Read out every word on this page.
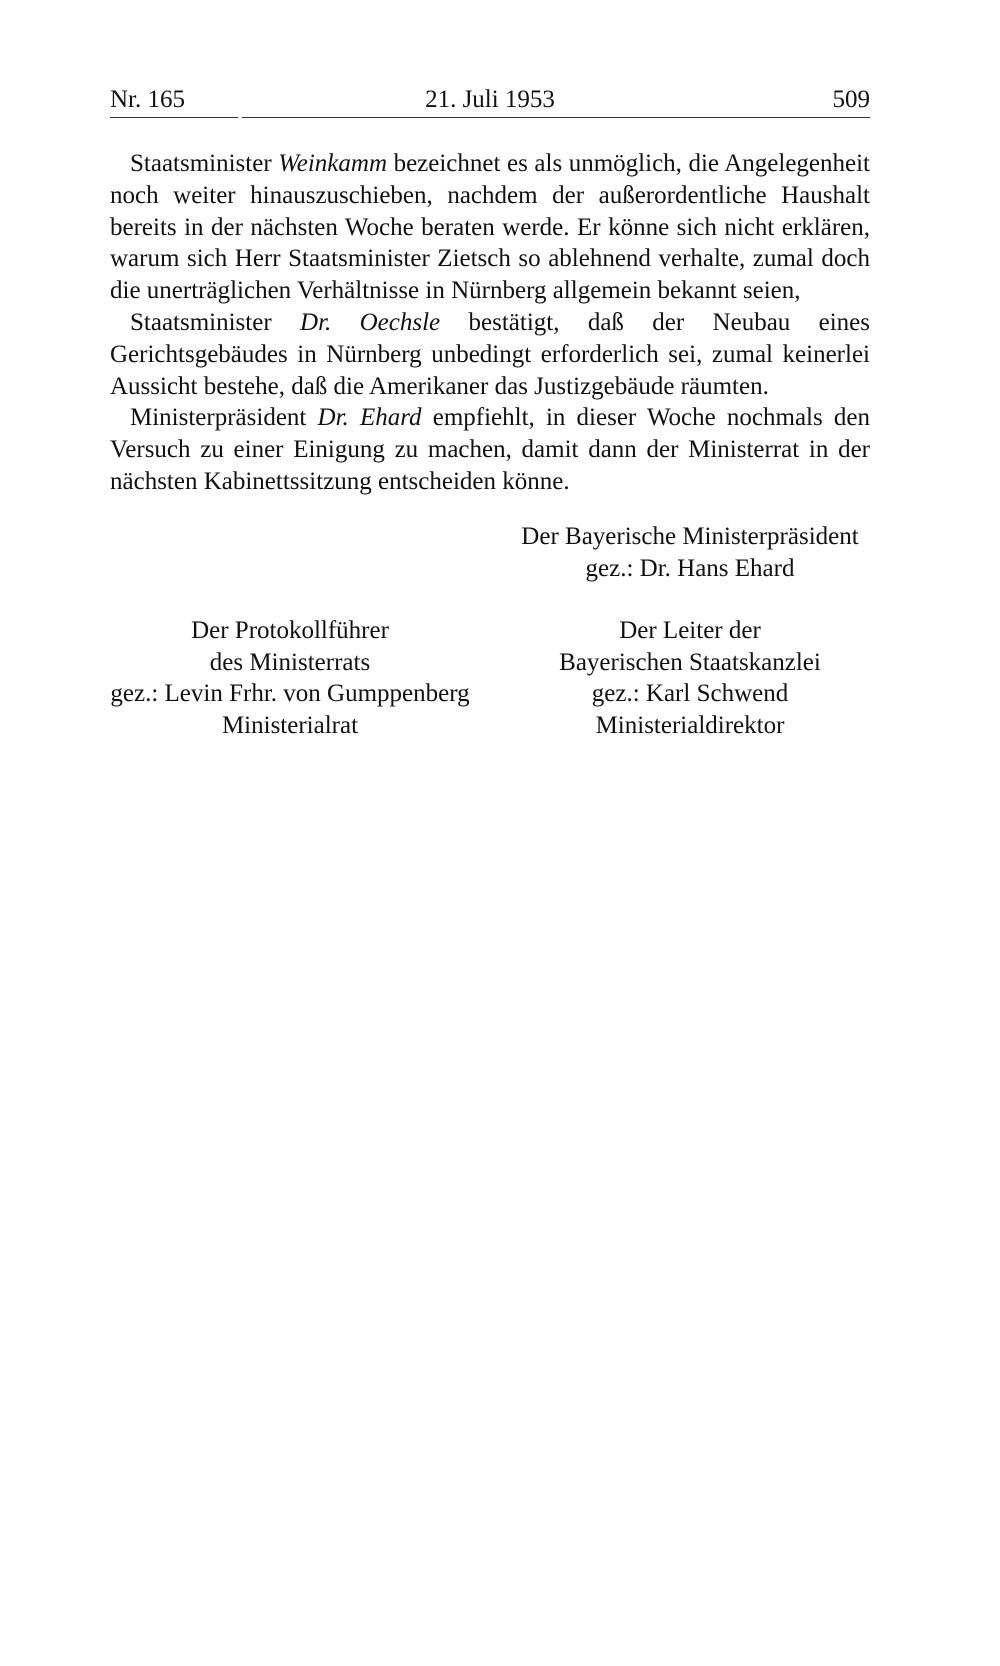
Nr. 165	21. Juli 1953	509

Staatsminister Weinkamm bezeichnet es als unmöglich, die Angelegenheit noch weiter hinauszuschieben, nachdem der außerordentliche Haushalt bereits in der nächsten Woche beraten werde. Er könne sich nicht erklären, warum sich Herr Staatsminister Zietsch so ablehnend verhalte, zumal doch die unerträglichen Verhältnisse in Nürnberg allgemein bekannt seien,

Staatsminister Dr. Oechsle bestätigt, daß der Neubau eines Gerichtsgebäudes in Nürnberg unbedingt erforderlich sei, zumal keinerlei Aussicht bestehe, daß die Amerikaner das Justizgebäude räumten.

Ministerpräsident Dr. Ehard empfiehlt, in dieser Woche nochmals den Versuch zu einer Einigung zu machen, damit dann der Ministerrat in der nächsten Kabinettssitzung entscheiden könne.

Der Bayerische Ministerpräsident
gez.: Dr. Hans Ehard
Der Protokollführer
des Ministerrats
gez.: Levin Frhr. von Gumppenberg
Ministerialrat
Der Leiter der
Bayerischen Staatskanzlei
gez.: Karl Schwend
Ministerialdirektor
